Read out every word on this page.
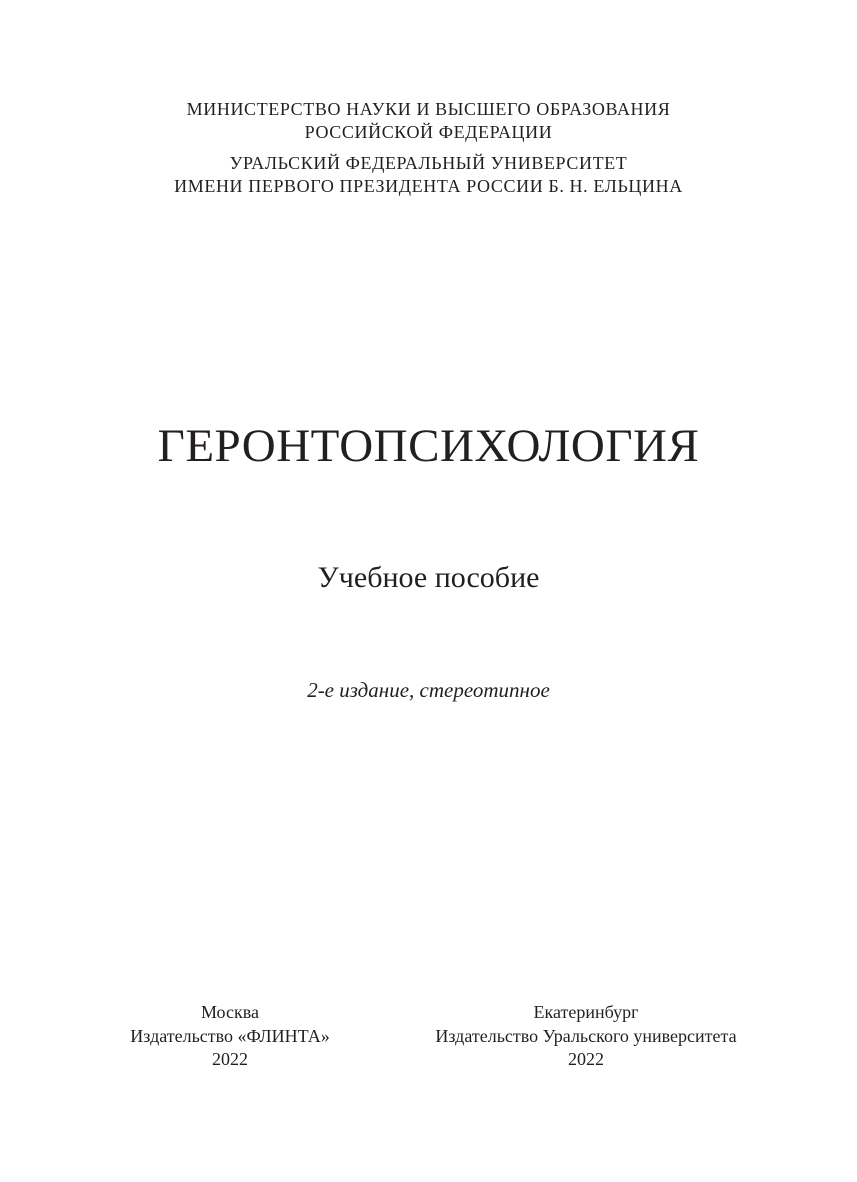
МИНИСТЕРСТВО НАУКИ И ВЫСШЕГО ОБРАЗОВАНИЯ
РОССИЙСКОЙ ФЕДЕРАЦИИ
УРАЛЬСКИЙ ФЕДЕРАЛЬНЫЙ УНИВЕРСИТЕТ
ИМЕНИ ПЕРВОГО ПРЕЗИДЕНТА РОССИИ Б. Н. ЕЛЬЦИНА
ГЕРОНТОПСИХОЛОГИЯ
Учебное пособие
2-е издание, стереотипное
Москва
Издательство «ФЛИНТА»
2022
Екатеринбург
Издательство Уральского университета
2022
